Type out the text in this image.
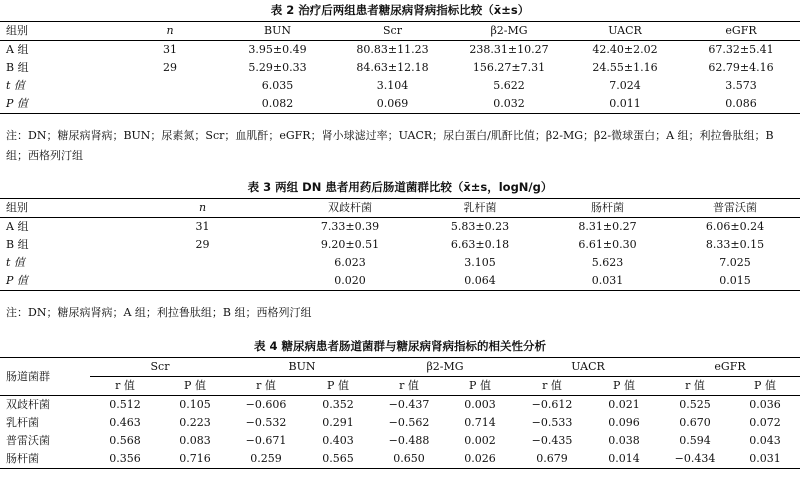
表 2 治疗后两组患者糖尿病肾病指标比较（x̄±s）
组别	n	BUN	Scr	β2-MG	UACR	eGFR
A 组	31	3.95±0.49	80.83±11.23	238.31±10.27	42.40±2.02	67.32±5.41
B 组	29	5.29±0.33	84.63±12.18	156.27±7.31	24.55±1.16	62.79±4.16
t 值		6.035	3.104	5.622	7.024	3.573
P 值		0.082	0.069	0.032	0.011	0.086
注：DN；糖尿病肾病；BUN；尿素氮；Scr；血肌酐；eGFR；肾小球滤过率；UACR；尿白蛋白/肌酐比值；β2-MG；β2-微球蛋白；A 组；利拉鲁肽组；B 组；西格列汀组
表 3 两组 DN 患者用药后肠道菌群比较（x̄±s，logN/g）
组别	n	双歧杆菌	乳杆菌	肠杆菌	普雷沃菌
A 组	31	7.33±0.39	5.83±0.23	8.31±0.27	6.06±0.24
B 组	29	9.20±0.51	6.63±0.18	6.61±0.30	8.33±0.15
t 值		6.023	3.105	5.623	7.025
P 值		0.020	0.064	0.031	0.015
注：DN；糖尿病肾病；A 组；利拉鲁肽组；B 组；西格列汀组
表 4 糖尿病患者肠道菌群与糖尿病肾病指标的相关性分析
肠道菌群	Scr		BUN		β2-MG		UACR		eGFR	
	r 值	P 值	r 值	P 值	r 值	P 值	r 值	P 值	r 值	P 值
双歧杆菌	0.512	0.105	−0.606	0.352	−0.437	0.003	−0.612	0.021	0.525	0.036
乳杆菌	0.463	0.223	−0.532	0.291	−0.562	0.714	−0.533	0.096	0.670	0.072
普雷沃菌	0.568	0.083	−0.671	0.403	−0.488	0.002	−0.435	0.038	0.594	0.043
肠杆菌	0.356	0.716	0.259	0.565	0.650	0.026	0.679	0.014	−0.434	0.031
